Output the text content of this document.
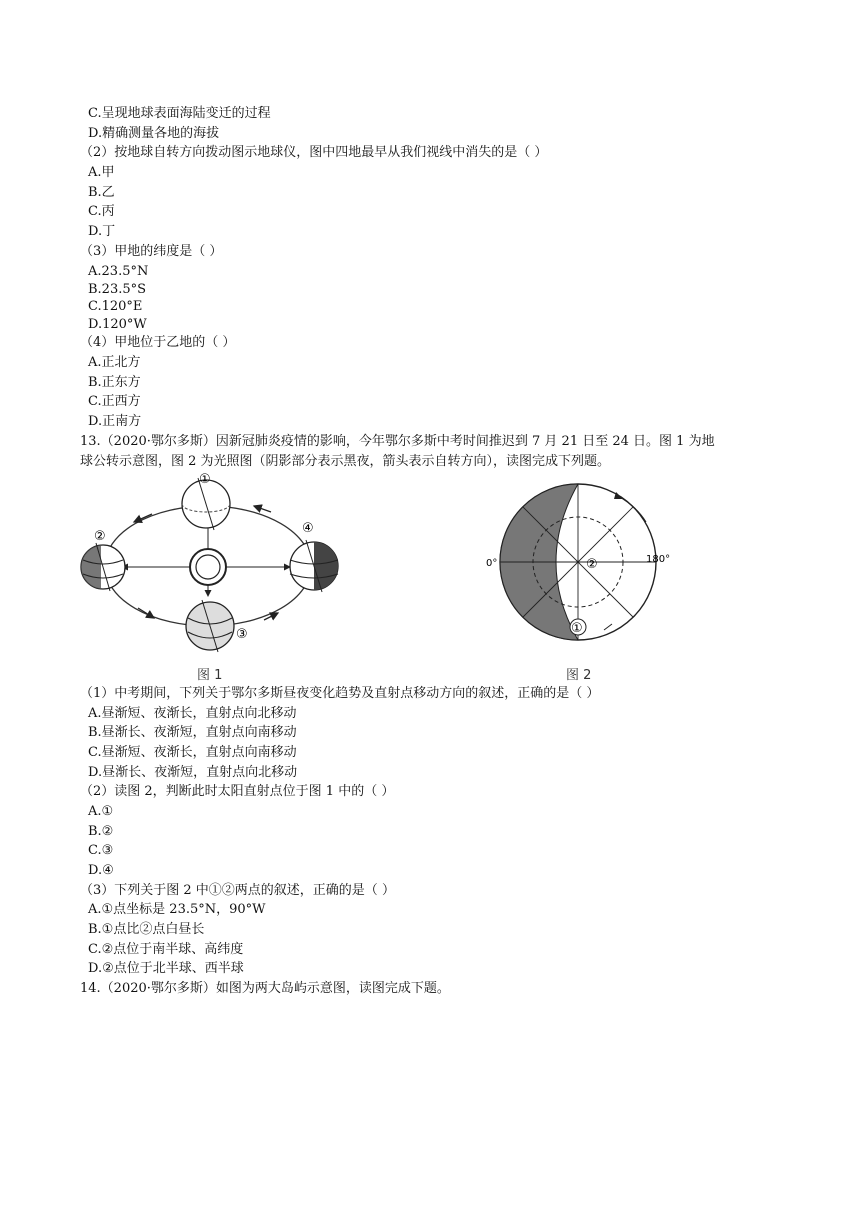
C.呈现地球表面海陆变迁的过程
D.精确测量各地的海拔
（2）按地球自转方向拨动图示地球仪，图中四地最早从我们视线中消失的是（ ）
A.甲
B.乙
C.丙
D.丁
（3）甲地的纬度是（ ）
A.23.5°N
B.23.5°S
C.120°E
D.120°W
（4）甲地位于乙地的（ ）
A.正北方
B.正东方
C.正西方
D.正南方
13.（2020·鄂尔多斯）因新冠肺炎疫情的影响，今年鄂尔多斯中考时间推迟到 7 月 21 日至 24 日。图 1 为地
球公转示意图，图 2 为光照图（阴影部分表示黑夜，箭头表示自转方向），读图完成下列题。
①
②
③
④
图 1
①
②
0°	180°
图 2
（1）中考期间，下列关于鄂尔多斯昼夜变化趋势及直射点移动方向的叙述，正确的是（ ）
A.昼渐短、夜渐长，直射点向北移动
B.昼渐长、夜渐短，直射点向南移动
C.昼渐短、夜渐长，直射点向南移动
D.昼渐长、夜渐短，直射点向北移动
（2）读图 2，判断此时太阳直射点位于图 1 中的（ ）
A.①
B.②
C.③
D.④
（3）下列关于图 2 中①②两点的叙述，正确的是（ ）
A.①点坐标是 23.5°N，90°W
B.①点比②点白昼长
C.②点位于南半球、高纬度
D.②点位于北半球、西半球
14.（2020·鄂尔多斯）如图为两大岛屿示意图，读图完成下题。
